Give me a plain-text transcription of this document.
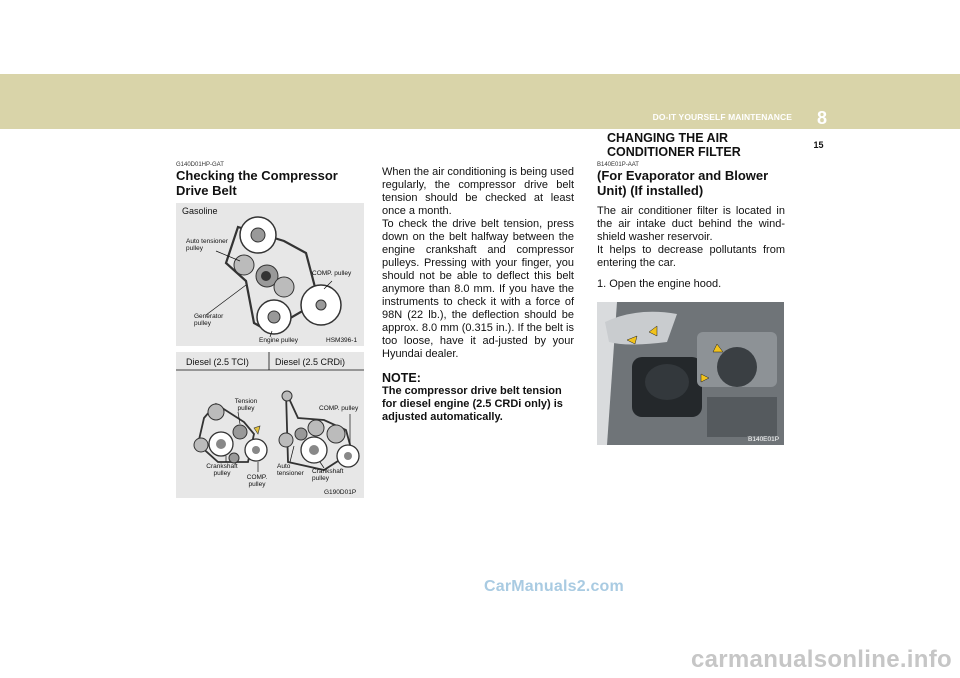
DO-IT YOURSELF MAINTENANCE	8
15
CHANGING THE AIR CONDITIONER FILTER
G140D01HP-GAT
Checking the Compressor Drive Belt
Gasoline
Auto tensioner pulley
COMP. pulley
Generator pulley
Engine pulley	HSM396-1
Diesel (2.5 TCI)	Diesel (2.5 CRDi)
Tension pulley
Crankshaft pulley
COMP. pulley
Auto tensioner	Crankshaft pulley
COMP. pulley
G190D01P
When the air conditioning is being used regularly, the compressor drive belt tension should be checked at least once a month.
To check the drive belt tension, press down on the belt halfway between the engine crankshaft and compressor pulleys. Pressing with your finger, you should not be able to deflect this belt anymore than 8.0 mm. If you have the instruments to check it with a force of 98N (22 lb.), the deflection should be approx. 8.0 mm (0.315 in.). If the belt is too loose, have it ad-justed by your Hyundai dealer.
NOTE:
The compressor drive belt tension for diesel engine (2.5 CRDi only) is adjusted automatically.
B140E01P-AAT
(For Evaporator and Blower Unit) (If installed)
The air conditioner filter is located in the air intake duct behind the wind-shield washer reservoir.
It helps to decrease pollutants from entering the car.
1. Open the engine hood.
B140E01P
CarManuals2.com
carmanualsonline.info
